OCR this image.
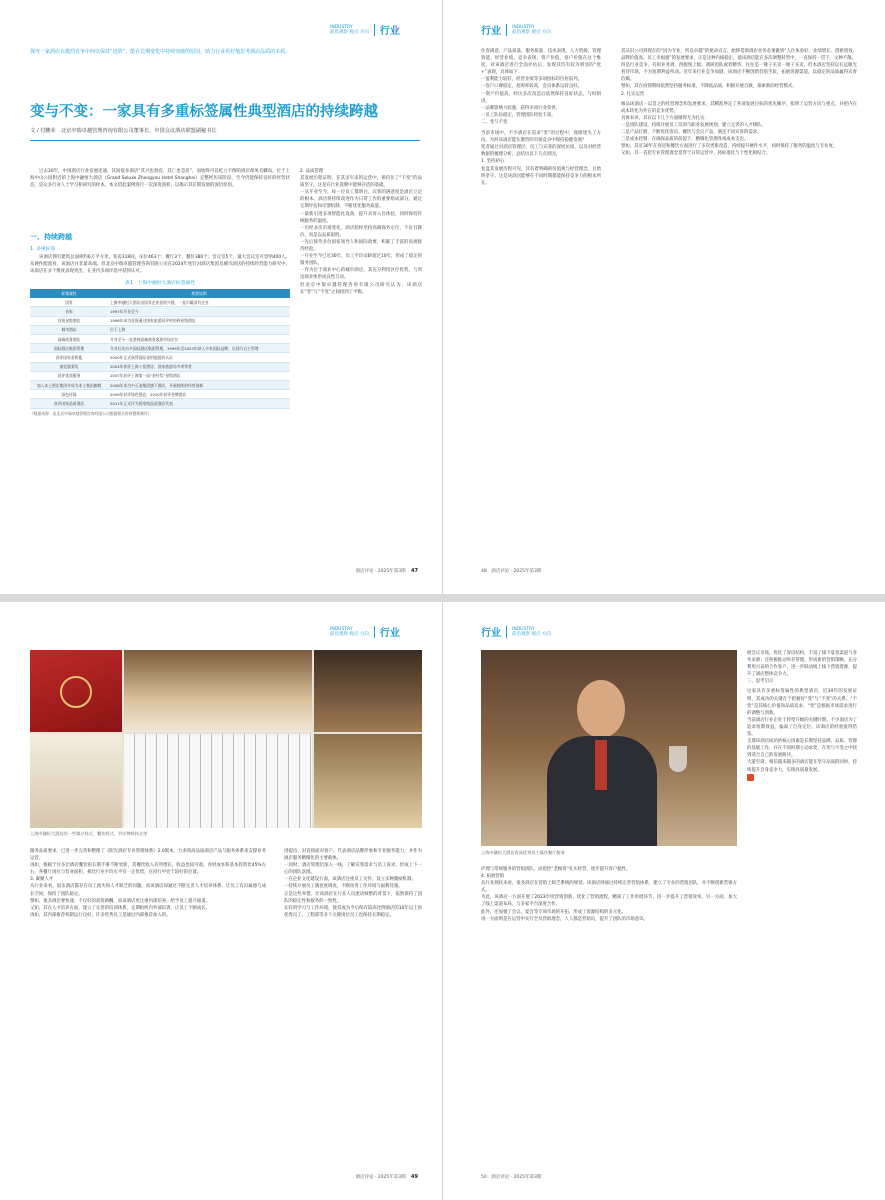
INDUSTRY
前沿观察 观点 方向 行业
探究一家酒店在激烈竞争中何以保持“进阶”、能在长期变化中持续突破的原因，助力行业更好地思考酒店品质的本质。
变与不变：一家具有多重标签属性典型酒店的持续跨越
文 / 付鹏业　北京中瑞卓越管理咨询有限公司董事长、中国会议酒店联盟副秘书长

过去30年，中国酒店行业发展迅速，其间很多酒店“其兴也勃焉，其亡也忽焉”，而始终可以屹立不倒的酒店却凤毛麟角。位于上海中山公园附近的上海中融恒大酒店（Grand Soluxe Zhongyou Hotel Shanghai）完整经历该阶段，至今仍能保持良好的经营状态，是众多行业人士学习和研究的样本。本文借此案例进行一次深度剖析，以揭示其长期发展的深层原因。

一、持续跨越
1. 多重标签

该酒店拥有建筑总面积约6万平方米，客房318间，床位463个；餐厅3个，餐位380个；会议室5个，最大会议室可容纳400人。从硬件配置看，该酒店并非最高端。但北京中瑞卓越管理咨询有限公司在2024年度针对酒店集团及城市酒店的持续经营能力研究中，该酒店在多个维度表现突出，在业内多项评选中获得认可。

表1　上海中融恒大酒店标签属性
标签属性	简要说明
国有	上海中融恒大酒店由国有企业投资兴建，一直归属国有企业
首家	1997年开业至今
首批星级酒店	1998年成为首批通过国家旅游局评审的四星级酒店
城市酒店	位于上海
高端商务酒店	开业至今一直坚持高端商务客源市场定位
国际酒店集团管理	开业后先由多国际酒店集团管理，1999年至2003年纳入多家国际品牌，后回归自主管理
获评国家金钥匙	2000年正式获得国际金钥匙组织认证
最佳服务奖	2004年获评上海十佳酒店、国家旅游局多项荣誉
获评优质服务	2007年获评上海第一届“金叶奖”星级酒店
加入本土酒店集团并成为本土集团旗舰	2008年成为中石油集团旗下酒店，开展持续的经营创新
绿色环保	2009年获评绿色酒店，2010年获评金牌酒店
获评国家品质酒店	2011年正式评为国家级品质酒店代表
（数据来源：由北京中瑞卓越管理咨询有限公司根据相关资料整理制作）
2. 品质管理
其发展历程证明，在其多年来的运营中，保持住了“不变”的品质坚守。这是在行业洗牌中能够存活的基础。
一从开业至今，每一位员工都明白，宾客的满意度是酒店立足的根本。酒店将持续改进作为日常工作的重要组成部分，通过定期评估和反馈机制，不断优化服务质量。
一最新引进多项智能化设备，提升宾客入住体验，同时保持传统服务的温度。
一历经多次市场变化，酒店始终坚持高端商务定位，不盲目降价，而是以品质取胜。
一先后接待多位国家领导人和国际政要，积累了丰富的高端接待经验。
一开业至今已近30年，员工平均司龄超过10年，形成了稳定的服务团队。
一作为位于商业中心的城市酒店，其充分利用区位优势，与周边商业体形成良性互动。
但北京中瑞卓越管理咨询有限公司研究认为，该酒店在“变”与“不变”之间找到了平衡。
酒店评论 · 2025年第3期 47
行业 INDUSTRY
前沿观察 观点 方向
住客满意、产品质量、服务质量、技术表现、人力资源、管理效能、经营业绩、竞争表现、资产价值、客户价值在这个维度，对该酒店进行全面评估后，发现其均有较为明显的“优+”表现，具体如下：
一盈利能力较好，经营业绩等多项指标均位居前列。
一客户口碑稳定，复购率较高，会员体系运转良好。
一资产价值高，经历多次改造后依然保持良好状态，与时俱进。
一品牌影响力较强，获得多项行业荣誉。
一员工队伍稳定，管理团队经验丰富。
二、变与不变
当前市场中，不少酒店在追求“变”的过程中，逐渐迷失了方向。为何该酒店能在激烈的市场竞争中保持稳健发展？
笔者通过对酒店管理层、员工与宾客的深度访谈，以及对经营数据的梳理分析，总结出以下几点原因。
1. 坚持初心
复盘其发展历程可见，其有着明确的价值观与经营理念，且始终坚守。这是该酒店能够在不同时期都能保持竞争力的根本所在。
其从旧公司到现在的“因为专业，所以卓越”的使命宣言，始终贯彻酒店业务必须做到“人住体验好、业绩增长、创新创效、品牌价值高、员工幸福感”的发展要求。正是这种内核稳定，使该酒店能在多次调整转型中，一直保持一贯干、文种不散。
四是行业竞争，有损业务酒，西服熟上级、调研团队或者精华。往往是一锤子买卖一锤子买卖，但本酒店坚持以长远眼光看待市场，不为短期利益所动。近年来行业竞争加剧，该酒店不断创新营销手段，拓展客源渠道，以稳定的品质赢得宾客信赖。
譬如，其在疫情期间依然坚持服务标准，不降低品质，积极开展自救，探索新的经营模式。
2. 扎实运营
细品该酒店一以贯之的经营理念和发展要求，其精准界定了各项发展目标的优先顺序，指明了运营方向与重点，并把内在成本转化为外在的竞争优势。
具体来讲，其在以下几个方面做得尤为扎实：
一是团队建设，持续开展员工培训与职业发展规划，建立完善的人才梯队。
二是产品打磨，不断优化客房、餐饮与会议产品，满足不同宾客的需求。
三是成本控制，在确保品质的前提下，精细化管理各项成本支出。
譬如，其近30年在客房和餐饮方面进行了多次更新改造，持续提升硬件水平，同时保持了服务的温度与专业度。
又如，其一直把专业管理理念贯穿于日常运营中，将标准化与个性化相结合。
48　酒店评论 · 2025年第3期
INDUSTRY
前沿观察 观点 方向 行业
上海中融恒大酒店的一些媒介样式、餐饮样式、节庆物料样式等
服务品质要求，已进一步完善和整理了《阳光酒店专业管理体系》2.0版本，力求将高品质酒店产品与服务体系来支撑业务运营。
再如，根据于住多层酒店餐饮的长期手册不断更新，其餐饮收入有所增长，收益也较可观。食材成本和基本投资比45%左右，各餐厅再位与营业面积，相比行业平均水平有一定优势，在同行中处于较好的位置。
3. 凝聚人才
从行业来看，很多酒店都存在员工流失和人才缺乏的问题，而该酒店却通过不断完善人才培养体系，让员工有归属感与成长空间，保持了团队稳定。
譬如，很多酒店要快速、不仅好的高管薪酬，而该酒店更注重内部培养，给予员工提升通道。
又如，其在人才培养方面，建立了完善的培训体系，定期组织内外部培训，让员工不断成长。
再如，其内部推荐机制运行良好，许多优秀员工是通过内部推荐加入的。
进提出、对直接面对客户，代表酒店品牌形象和专业服务能力，并作为酒店服务精细化的主要载体。
一同时，酒店管理层深入一线，了解宾客需求与员工诉求，形成上下一心的团队氛围。
一在企业文化建设方面，该酒店注重员工关怀，设立多种激励机制。
一持续开展员工满意度调查，不断改善工作环境与福利待遇。
正是这些举措，让该酒店在行业人员流动频繁的背景下，依然保持了团队的稳定性和服务的一致性。
在好的学习与工作环境，使其成为今后保有较高比例酒店的10年以上的优秀员工、工程部等多个关键岗位员工也保持长期稳定。
酒店评论 · 2025年第3期 49
行业 INDUSTRY
前沿观察 观点 方向
上海中融恒大酒店资深优秀员工操作餐厅服务
护理与常规服务的营销团队，而把控“老顾客”扎实经营，逐步提升客户黏性。
4. 拓展营销
从行业现状来看，很多酒店在营销上缺乏系统的规划，该酒店则通过持续完善营销体系，建立了专业的营销团队，并不断创新营销方式。
为此，该酒店一方面开展了2023年度营销创新，优化了营销流程，精简了工作审批环节，进一步提升了营销效率。另一方面，加大了线上渠道布局，与多家平台深度合作。
此外，还加强了会议、宴会等专项市场的开拓，形成了客源结构的多元化。
再一方面则是在运营中实行全员营销理念，人人都是营销员，提升了团队的市场意识。
展会议市场，优化了客房结构，丰富了线下宴客渠道与业务来源；还积极推动库存管理，形成新的营销策略，充分利用兴奋的合作客户，进一步联动线上线下营销资源，提升了酒店整体竞争力。
三、思考启示
这家具有多重标签属性的典型酒店，近30年的发展证明，其成功的关键在于把握好“变”与“不变”的关系。“不变”是其核心价值和品质追求，“变”是根据市场需求进行的调整与创新。
当前酒店行业正处于转型升级的关键时期，不少酒店为了追求短期效益，偏离了自身定位。该酒店的经验值得借鉴。
支撑该酒店成功的核心因素是长期坚持品牌、品质、管理的基础工作，并在不同时期主动求变，在变与不变之中找到适合自己的发展路径。
大道至简，相信越来越多的酒店能在坚守品质的同时，持续提升自身竞争力，实现高质量发展。
50　酒店评论 · 2025年第3期
